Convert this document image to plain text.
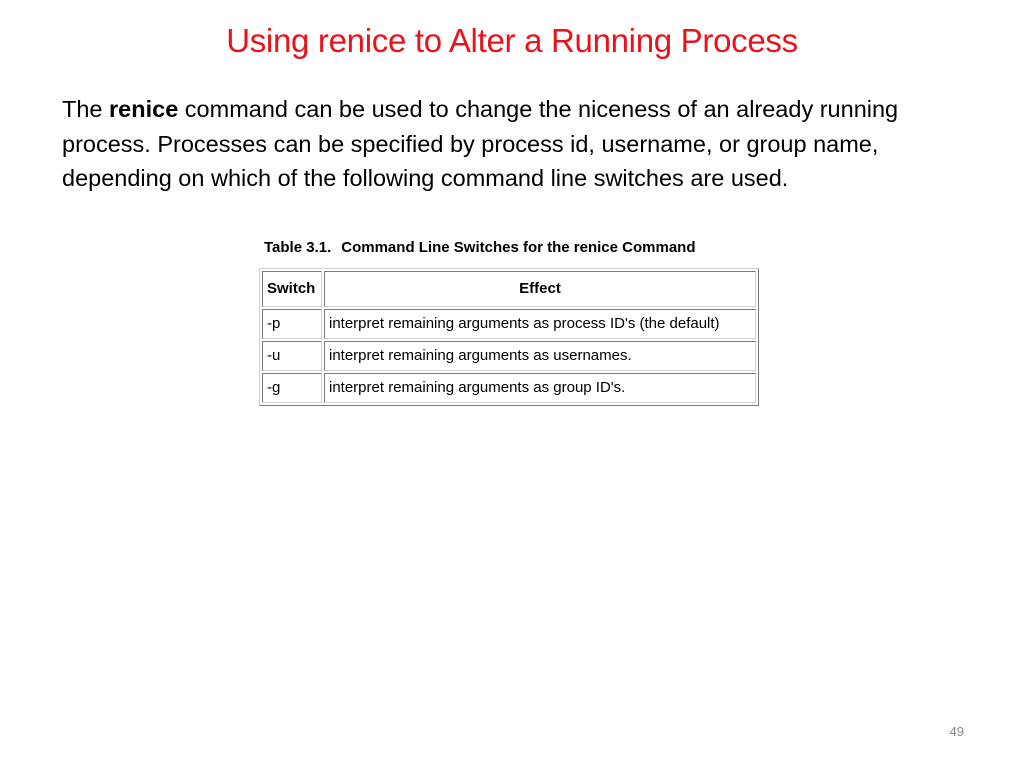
Using renice to Alter a Running Process
The renice command can be used to change the niceness of an already running process. Processes can be specified by process id, username, or group name, depending on which of the following command line switches are used.
Table 3.1. Command Line Switches for the renice Command
Switch	Effect
-p	interpret remaining arguments as process ID's (the default)
-u	interpret remaining arguments as usernames.
-g	interpret remaining arguments as group ID's.
49
